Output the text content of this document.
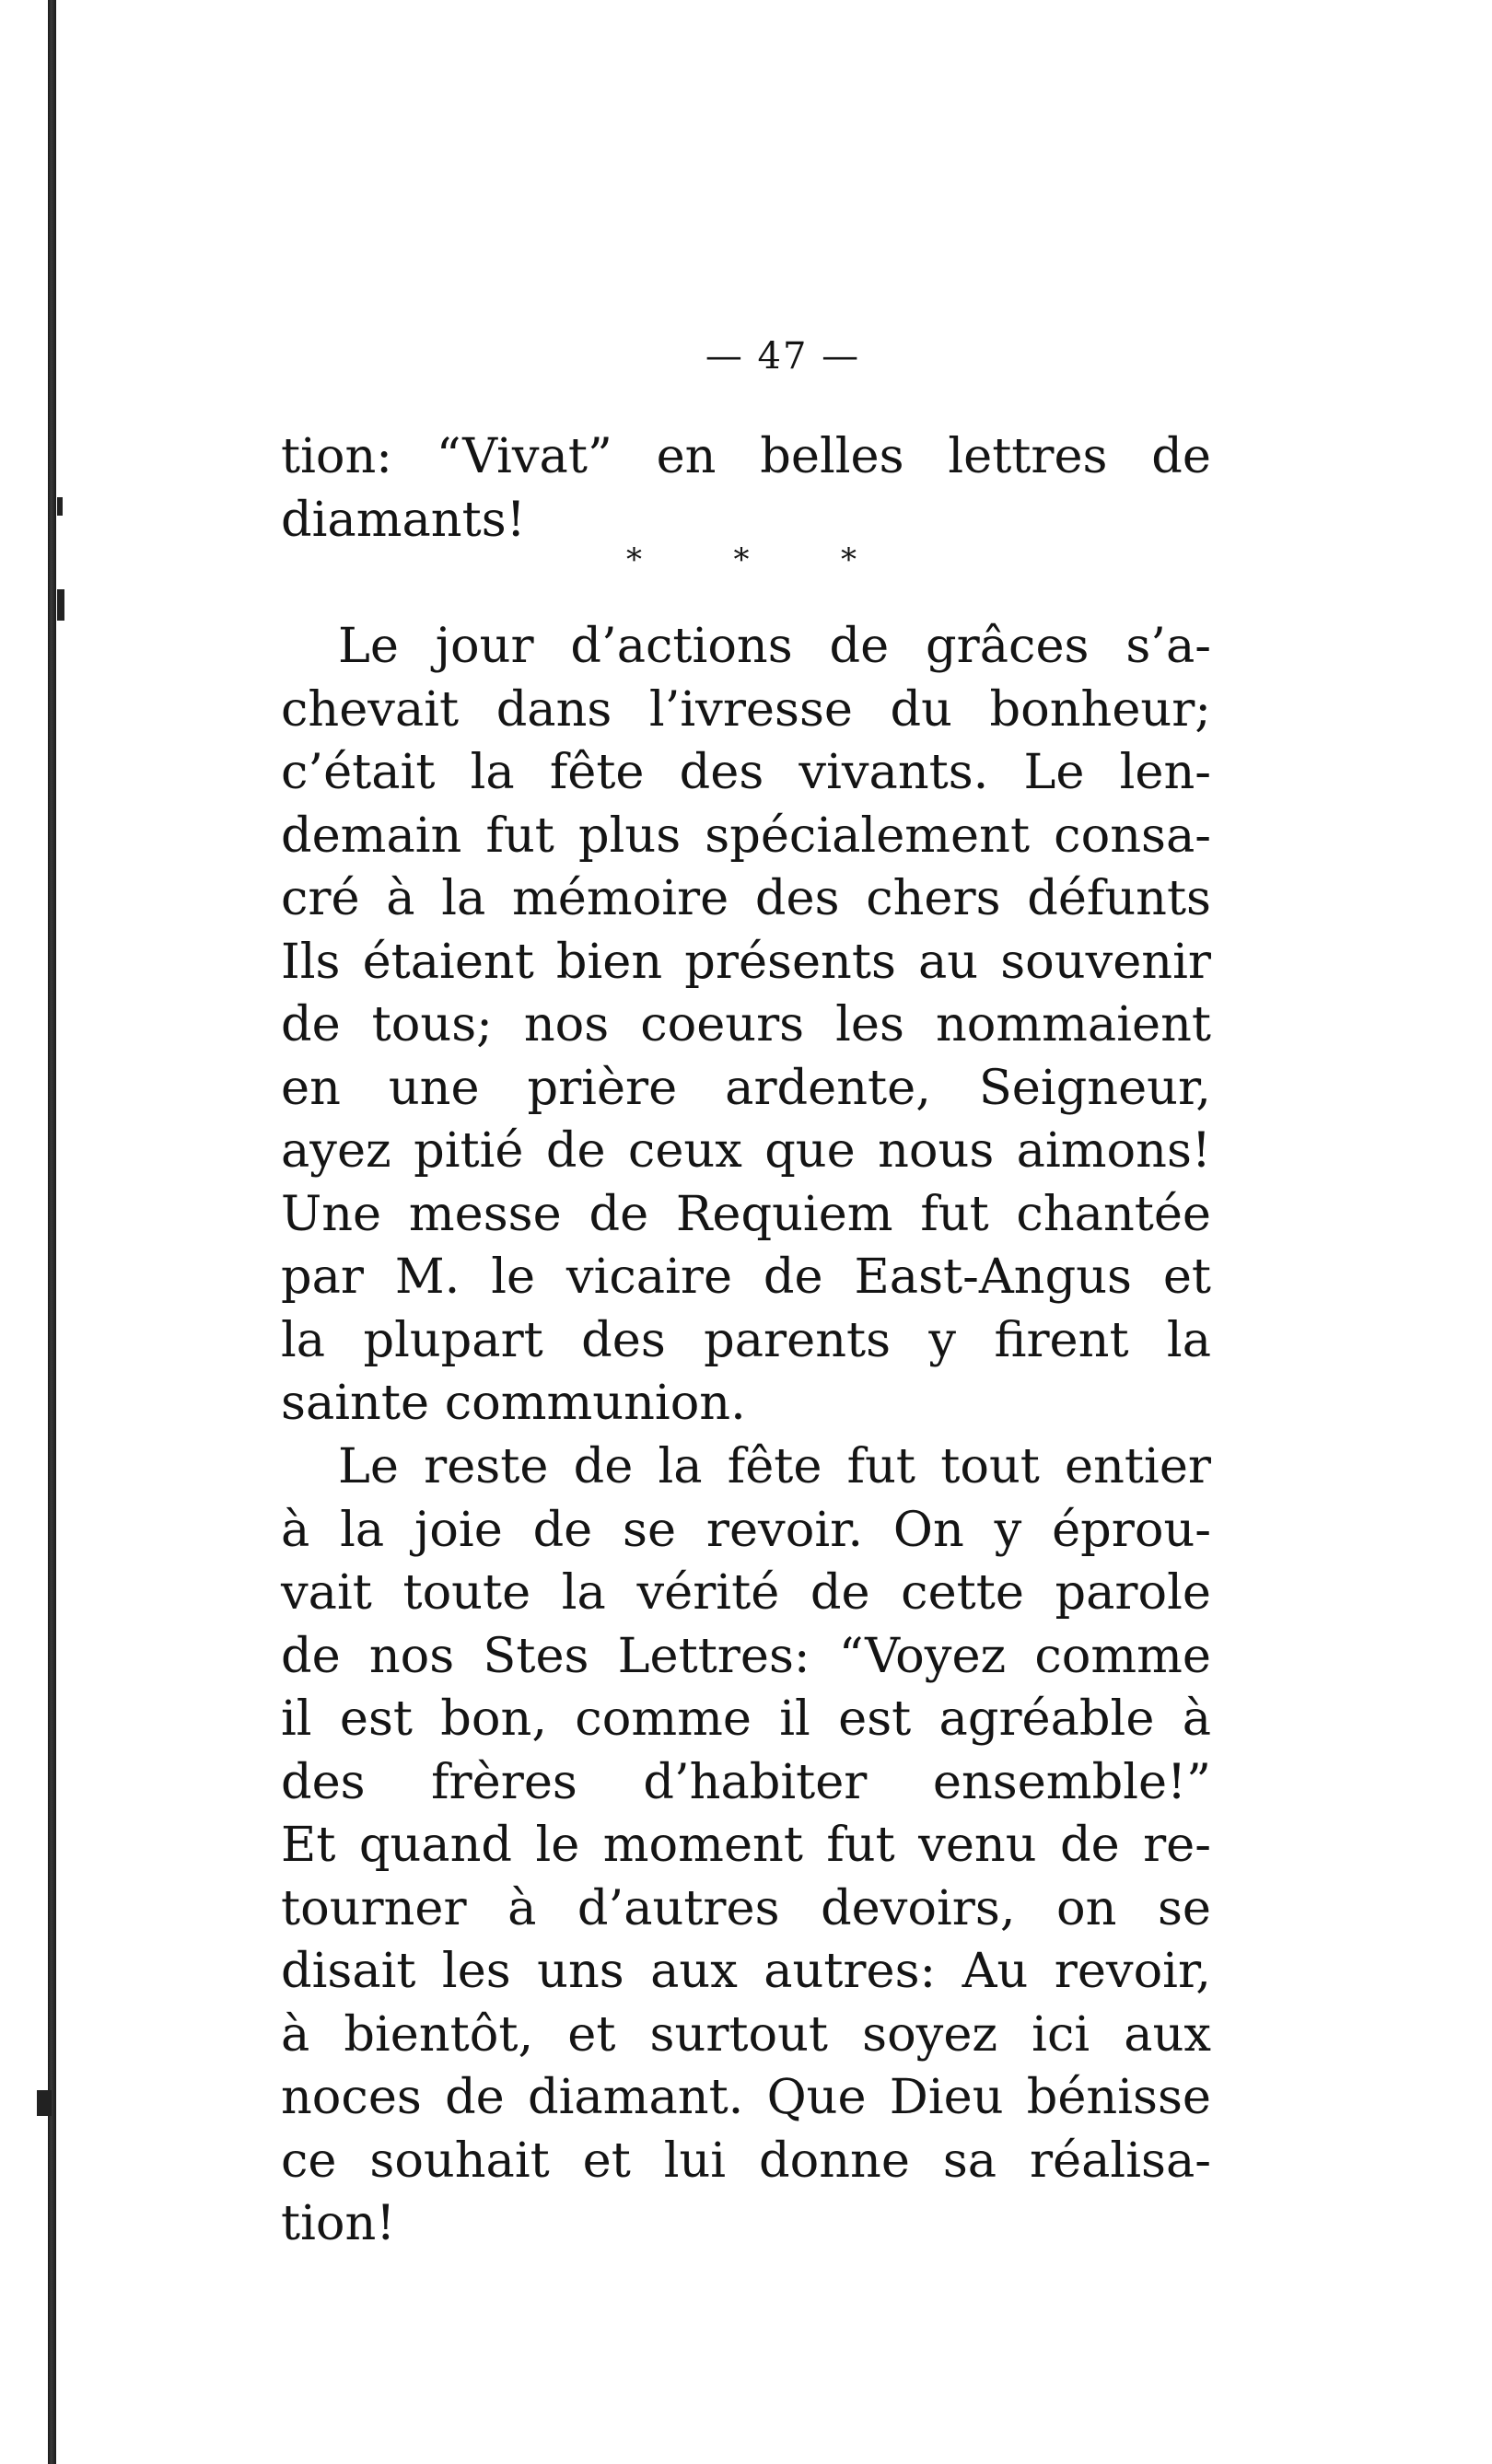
— 47 —
tion: “Vivat” en belles lettres de
diamants!
*	*	*
Le jour d’actions de grâces s’a-
chevait dans l’ivresse du bonheur;
c’était la fête des vivants. Le len-
demain fut plus spécialement consa-
cré à la mémoire des chers défunts
Ils étaient bien présents au souvenir
de tous; nos coeurs les nommaient
en une prière ardente, Seigneur,
ayez pitié de ceux que nous aimons!
Une messe de Requiem fut chantée
par M. le vicaire de East-Angus et
la plupart des parents y firent la
sainte communion.
Le reste de la fête fut tout entier
à la joie de se revoir. On y éprou-
vait toute la vérité de cette parole
de nos Stes Lettres: “Voyez comme
il est bon, comme il est agréable à
des frères d’habiter ensemble!”
Et quand le moment fut venu de re-
tourner à d’autres devoirs, on se
disait les uns aux autres: Au revoir,
à bientôt, et surtout soyez ici aux
noces de diamant. Que Dieu bénisse
ce souhait et lui donne sa réalisa-
tion!
